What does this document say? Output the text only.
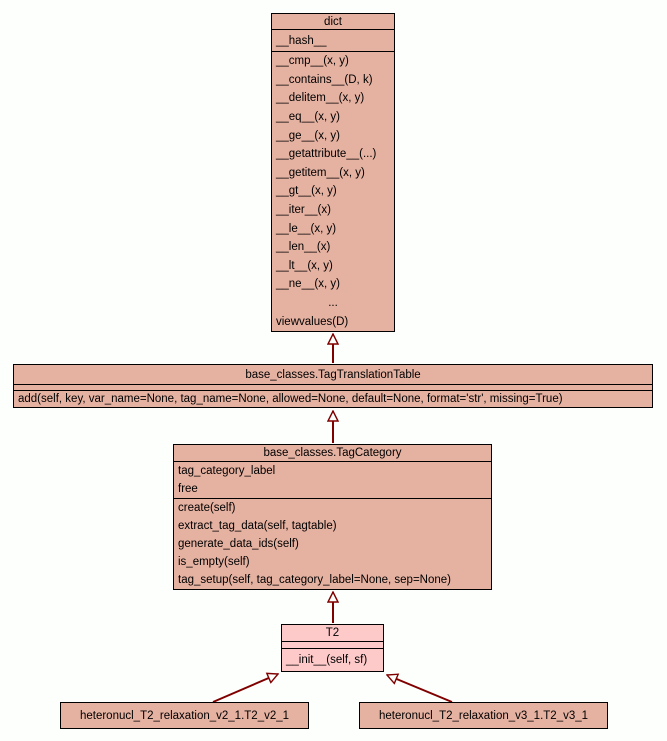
dict
__hash__
__cmp__(x, y)
__contains__(D, k)
__delitem__(x, y)
__eq__(x, y)
__ge__(x, y)
__getattribute__(...)
__getitem__(x, y)
__gt__(x, y)
__iter__(x)
__le__(x, y)
__len__(x)
__lt__(x, y)
__ne__(x, y)
...
viewvalues(D)
base_classes.TagTranslationTable
add(self, key, var_name=None, tag_name=None, allowed=None, default=None, format='str', missing=True)
base_classes.TagCategory
tag_category_label
free
create(self)
extract_tag_data(self, tagtable)
generate_data_ids(self)
is_empty(self)
tag_setup(self, tag_category_label=None, sep=None)
T2
__init__(self, sf)
heteronucl_T2_relaxation_v2_1.T2_v2_1	heteronucl_T2_relaxation_v3_1.T2_v3_1
